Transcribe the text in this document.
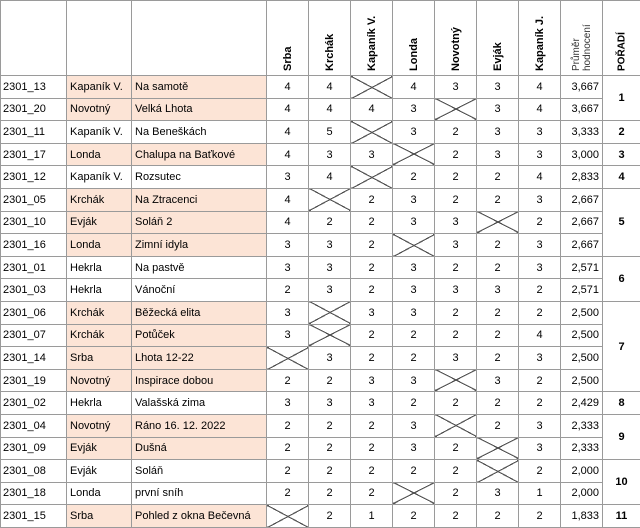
			Srba	Krchák	Kapaník V.	Londa	Novotný	Evják	Kapaník J.	Průměr hodnocení	POŘADÍ
2301_13	Kapaník V.	Na samotě	4	4		4	3	3	4	3,667	1
2301_20	Novotný	Velká Lhota	4	4	4	3		3	4	3,667	
2301_11	Kapaník V.	Na Beneškách	4	5		3	2	3	3	3,333	2
2301_17	Londa	Chalupa na Baťkové	4	3	3		2	3	3	3,000	3
2301_12	Kapaník V.	Rozsutec	3	4		2	2	2	4	2,833	4
2301_05	Krchák	Na Ztracenci	4		2	3	2	2	3	2,667	5
2301_10	Evják	Soláň 2	4	2	2	3	3		2	2,667	
2301_16	Londa	Zimní idyla	3	3	2		3	2	3	2,667	
2301_01	Hekrla	Na pastvě	3	3	2	3	2	2	3	2,571	6
2301_03	Hekrla	Vánoční	2	3	2	3	3	3	2	2,571	
2301_06	Krchák	Běžecká elita	3		3	3	2	2	2	2,500	7
2301_07	Krchák	Potůček	3		2	2	2	2	4	2,500	
2301_14	Srba	Lhota 12-22		3	2	2	3	2	3	2,500	
2301_19	Novotný	Inspirace dobou	2	2	3	3		3	2	2,500	
2301_02	Hekrla	Valašská zima	3	3	3	2	2	2	2	2,429	8
2301_04	Novotný	Ráno 16. 12. 2022	2	2	2	3		2	3	2,333	9
2301_09	Evják	Dušná	2	2	2	3	2		3	2,333	
2301_08	Evják	Soláň	2	2	2	2	2		2	2,000	10
2301_18	Londa	první sníh	2	2	2		2	3	1	2,000	
2301_15	Srba	Pohled z okna Bečevná		2	1	2	2	2	2	1,833	11
